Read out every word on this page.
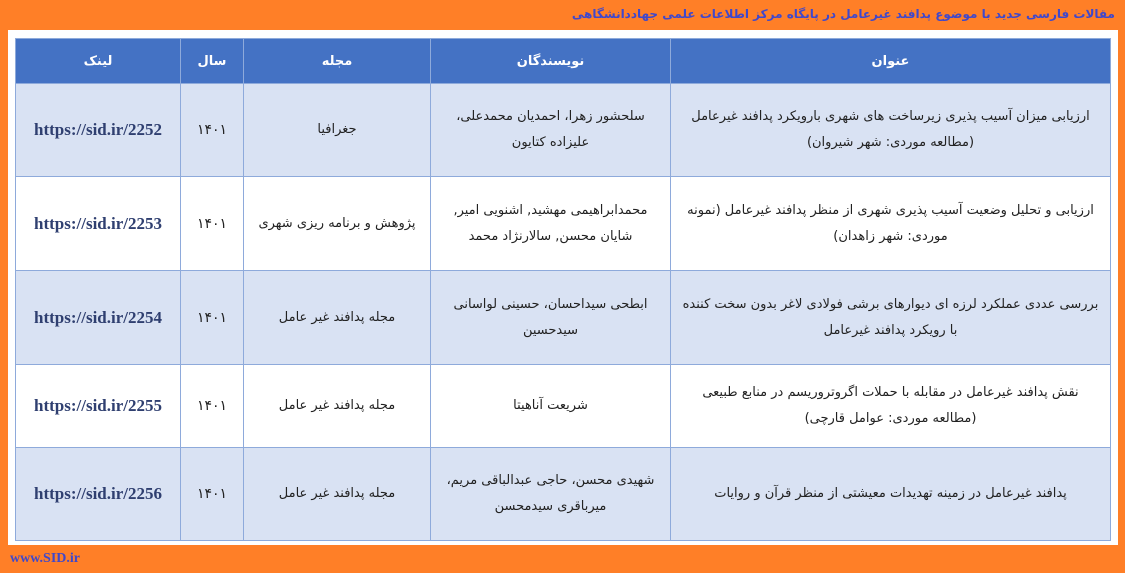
مقالات فارسی جدید با موضوع پدافند غیرعامل در پایگاه مرکز اطلاعات علمی جهاددانشگاهی
عنوان	نویسندگان	مجله	سال	لینک
ارزیابی میزان آسیب پذیری زیرساخت های شهری بارویکرد پدافند غیرعامل (مطالعه موردی: شهر شیروان)	سلحشور زهرا، احمدیان محمدعلی، علیزاده کتایون	جغرافیا	۱۴۰۱	https://sid.ir/2252
ارزیابی و تحلیل وضعیت آسیب پذیری شهری از منظر پدافند غیرعامل (نمونه موردی: شهر زاهدان)	محمدابراهیمی مهشید, اشنویی امیر, شایان محسن, سالارنژاد محمد	پژوهش و برنامه ریزی شهری	۱۴۰۱	https://sid.ir/2253
بررسی عددی عملکرد لرزه ای دیوارهای برشی فولادی لاغر بدون سخت کننده با رویکرد پدافند غیرعامل	ابطحی سیداحسان، حسینی لواسانی سیدحسین	مجله پدافند غیر عامل	۱۴۰۱	https://sid.ir/2254
نقش پدافند غیرعامل در مقابله با حملات اگروتروریسم در منابع طبیعی (مطالعه موردی: عوامل قارچی)	شریعت آناهیتا	مجله پدافند غیر عامل	۱۴۰۱	https://sid.ir/2255
پدافند غیرعامل در زمینه تهدیدات معیشتی از منظر قرآن و روایات	شهیدی محسن، حاجی عبدالباقی مریم، میرباقری سیدمحسن	مجله پدافند غیر عامل	۱۴۰۱	https://sid.ir/2256
www.SID.ir
